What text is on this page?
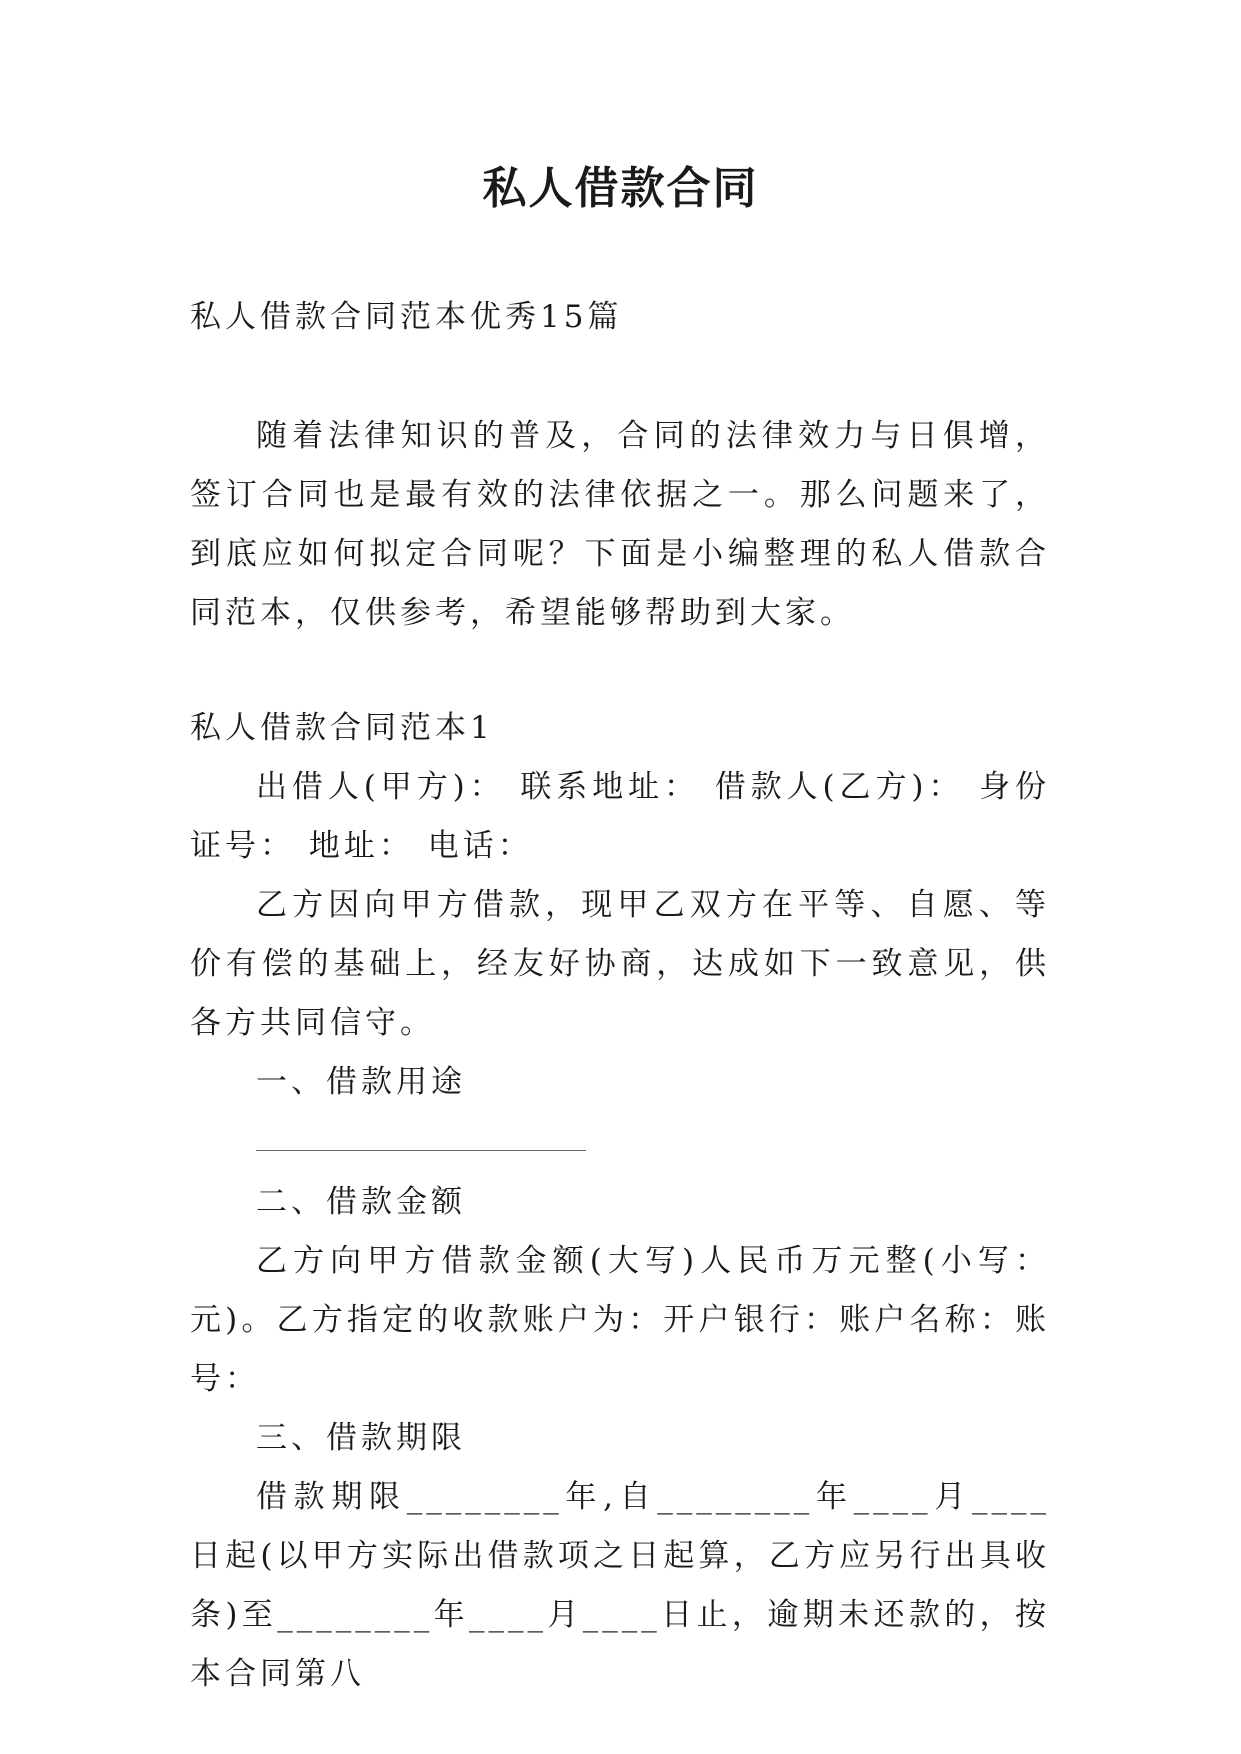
私人借款合同

私人借款合同范本优秀15篇

随着法律知识的普及，合同的法律效力与日俱增，签订合同也是最有效的法律依据之一。那么问题来了，到底应如何拟定合同呢？下面是小编整理的私人借款合同范本，仅供参考，希望能够帮助到大家。

私人借款合同范本1

出借人(甲方)： 联系地址： 借款人(乙方)： 身份证号： 地址： 电话：

乙方因向甲方借款，现甲乙双方在平等、自愿、等价有偿的基础上，经友好协商，达成如下一致意见，供各方共同信守。

一、借款用途

二、借款金额

乙方向甲方借款金额(大写)人民币万元整(小写：元)。乙方指定的收款账户为：开户银行：账户名称：账号：

三、借款期限

借款期限________年,自________年____月____日起(以甲方实际出借款项之日起算，乙方应另行出具收条)至________年____月____日止，逾期未还款的，按本合同第八
